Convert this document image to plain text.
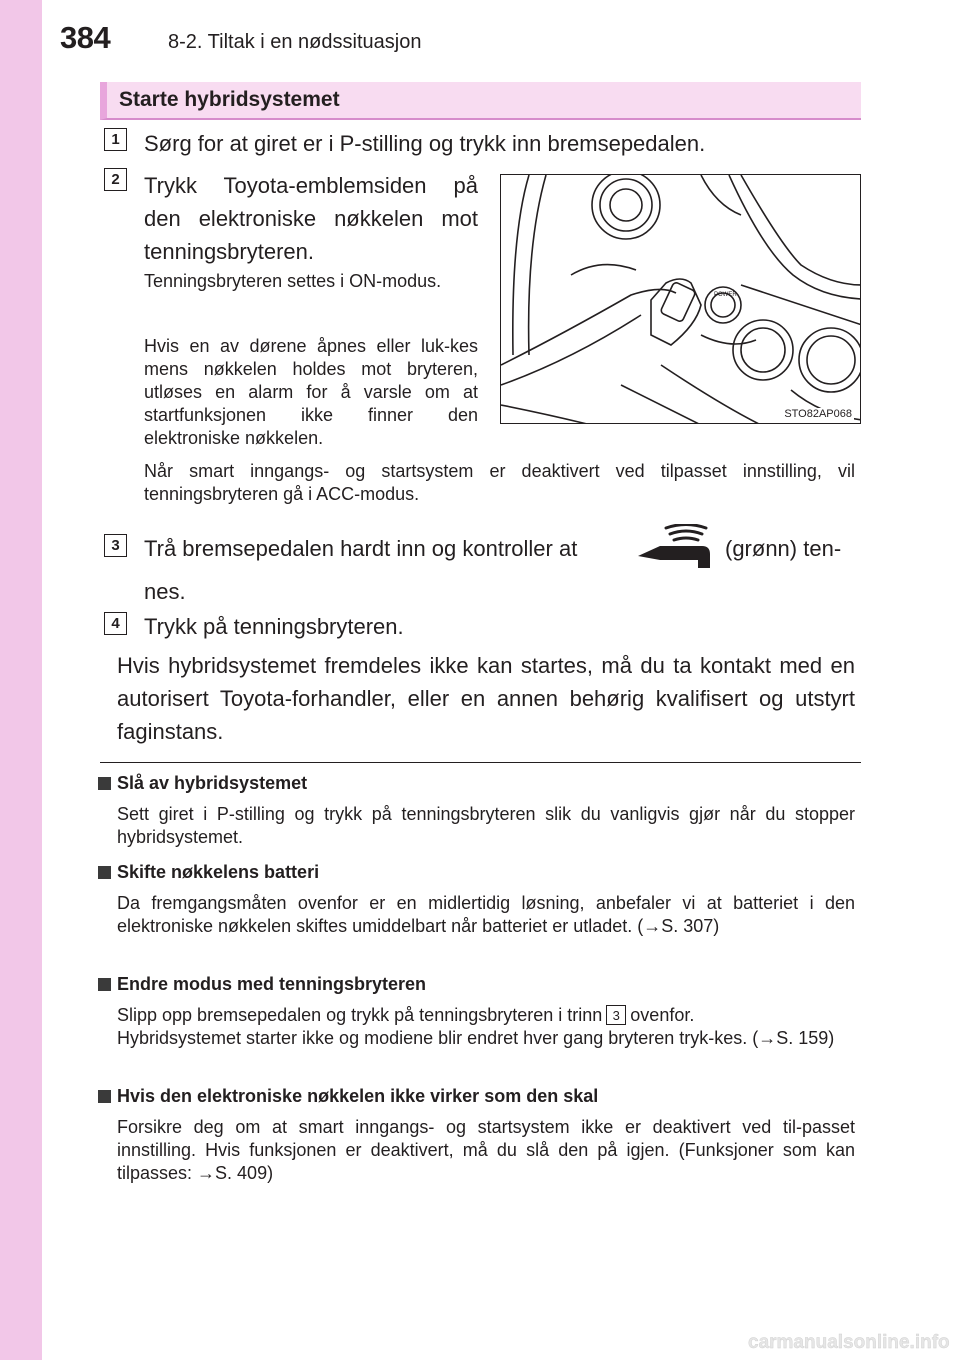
384	8-2. Tiltak i en nødssituasjon
Starte hybridsystemet
1	Sørg for at giret er i P-stilling og trykk inn bremsepedalen.
2	Trykk Toyota-emblemsiden på den elektroniske nøkkelen mot tenningsbryteren.
Tenningsbryteren settes i ON-modus.
Hvis en av dørene åpnes eller luk-kes mens nøkkelen holdes mot bryteren, utløses en alarm for å varsle om at startfunksjonen ikke finner den elektroniske nøkkelen.
Når smart inngangs- og startsystem er deaktivert ved tilpasset innstilling, vil tenningsbryteren gå i ACC-modus.
POWER
STO82AP068
3	Trå bremsepedalen hardt inn og kontroller at	(grønn) ten-
nes.
4	Trykk på tenningsbryteren.
Hvis hybridsystemet fremdeles ikke kan startes, må du ta kontakt med en autorisert Toyota-forhandler, eller en annen behørig kvalifisert og utstyrt faginstans.
Slå av hybridsystemet
Sett giret i P-stilling og trykk på tenningsbryteren slik du vanligvis gjør når du stopper hybridsystemet.
Skifte nøkkelens batteri
Da fremgangsmåten ovenfor er en midlertidig løsning, anbefaler vi at batteriet i den elektroniske nøkkelen skiftes umiddelbart når batteriet er utladet. (→S. 307)
Endre modus med tenningsbryteren
Slipp opp bremsepedalen og trykk på tenningsbryteren i trinn 3 ovenfor.
Hybridsystemet starter ikke og modiene blir endret hver gang bryteren tryk-kes. (→S. 159)
Hvis den elektroniske nøkkelen ikke virker som den skal
Forsikre deg om at smart inngangs- og startsystem ikke er deaktivert ved til-passet innstilling. Hvis funksjonen er deaktivert, må du slå den på igjen. (Funksjoner som kan tilpasses: →S. 409)
carmanualsonline.info
